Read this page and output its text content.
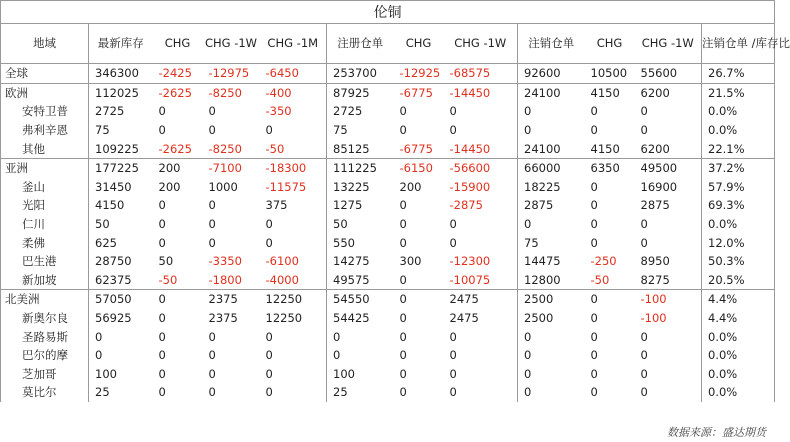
伦铜											
地域	最新库存	CHG	CHG -1W	CHG -1M	注册仓单	CHG	CHG -1W	注销仓单	CHG	CHG -1W	注销仓单 /库存比
全球	346300	-2425	-12975	-6450	253700	-12925	-68575	92600	10500	55600	26.7%
欧洲	112025	-2625	-8250	-400	87925	-6775	-14450	24100	4150	6200	21.5%
安特卫普	2725	0	0	-350	2725	0	0	0	0	0	0.0%
弗利辛恩	75	0	0	0	75	0	0	0	0	0	0.0%
其他	109225	-2625	-8250	-50	85125	-6775	-14450	24100	4150	6200	22.1%
亚洲	177225	200	-7100	-18300	111225	-6150	-56600	66000	6350	49500	37.2%
釜山	31450	200	1000	-11575	13225	200	-15900	18225	0	16900	57.9%
光阳	4150	0	0	375	1275	0	-2875	2875	0	2875	69.3%
仁川	50	0	0	0	50	0	0	0	0	0	0.0%
柔佛	625	0	0	0	550	0	0	75	0	0	12.0%
巴生港	28750	50	-3350	-6100	14275	300	-12300	14475	-250	8950	50.3%
新加坡	62375	-50	-1800	-4000	49575	0	-10075	12800	-50	8275	20.5%
北美洲	57050	0	2375	12250	54550	0	2475	2500	0	-100	4.4%
新奥尔良	56925	0	2375	12250	54425	0	2475	2500	0	-100	4.4%
圣路易斯	0	0	0	0	0	0	0	0	0	0	0.0%
巴尔的摩	0	0	0	0	0	0	0	0	0	0	0.0%
芝加哥	100	0	0	0	100	0	0	0	0	0	0.0%
莫比尔	25	0	0	0	25	0	0	0	0	0	0.0%
数据来源：盛达期货
